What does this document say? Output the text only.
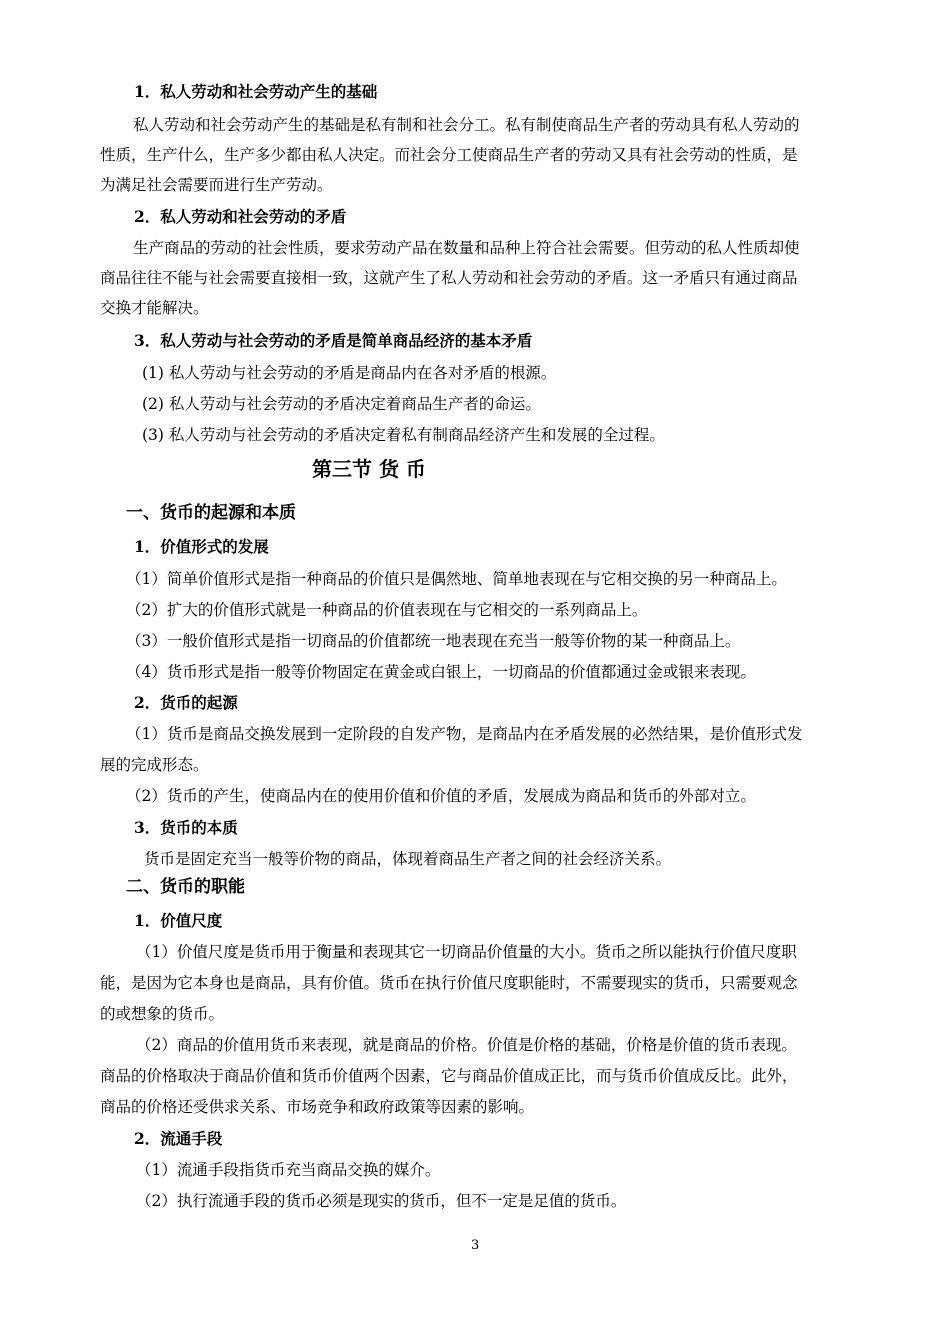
1．私人劳动和社会劳动产生的基础
私人劳动和社会劳动产生的基础是私有制和社会分工。私有制使商品生产者的劳动具有私人劳动的
性质，生产什么，生产多少都由私人决定。而社会分工使商品生产者的劳动又具有社会劳动的性质，是
为满足社会需要而进行生产劳动。
2．私人劳动和社会劳动的矛盾
生产商品的劳动的社会性质，要求劳动产品在数量和品种上符合社会需要。但劳动的私人性质却使
商品往往不能与社会需要直接相一致，这就产生了私人劳动和社会劳动的矛盾。这一矛盾只有通过商品
交换才能解决。
3．私人劳动与社会劳动的矛盾是简单商品经济的基本矛盾
(1) 私人劳动与社会劳动的矛盾是商品内在各对矛盾的根源。
(2) 私人劳动与社会劳动的矛盾决定着商品生产者的命运。
(3) 私人劳动与社会劳动的矛盾决定着私有制商品经济产生和发展的全过程。
第三节 货 币
一、货币的起源和本质
1．价值形式的发展
（1）简单价值形式是指一种商品的价值只是偶然地、简单地表现在与它相交换的另一种商品上。
（2）扩大的价值形式就是一种商品的价值表现在与它相交的一系列商品上。
（3）一般价值形式是指一切商品的价值都统一地表现在充当一般等价物的某一种商品上。
（4）货币形式是指一般等价物固定在黄金或白银上，一切商品的价值都通过金或银来表现。
2．货币的起源
（1）货币是商品交换发展到一定阶段的自发产物，是商品内在矛盾发展的必然结果，是价值形式发
展的完成形态。
（2）货币的产生，使商品内在的使用价值和价值的矛盾，发展成为商品和货币的外部对立。
3．货币的本质
货币是固定充当一般等价物的商品，体现着商品生产者之间的社会经济关系。
二、货币的职能
1．价值尺度
（1）价值尺度是货币用于衡量和表现其它一切商品价值量的大小。货币之所以能执行价值尺度职
能，是因为它本身也是商品，具有价值。货币在执行价值尺度职能时，不需要现实的货币，只需要观念
的或想象的货币。
（2）商品的价值用货币来表现，就是商品的价格。价值是价格的基础，价格是价值的货币表现。
商品的价格取决于商品价值和货币价值两个因素，它与商品价值成正比，而与货币价值成反比。此外，
商品的价格还受供求关系、市场竞争和政府政策等因素的影响。
2．流通手段
（1）流通手段指货币充当商品交换的媒介。
（2）执行流通手段的货币必须是现实的货币，但不一定是足值的货币。
3
